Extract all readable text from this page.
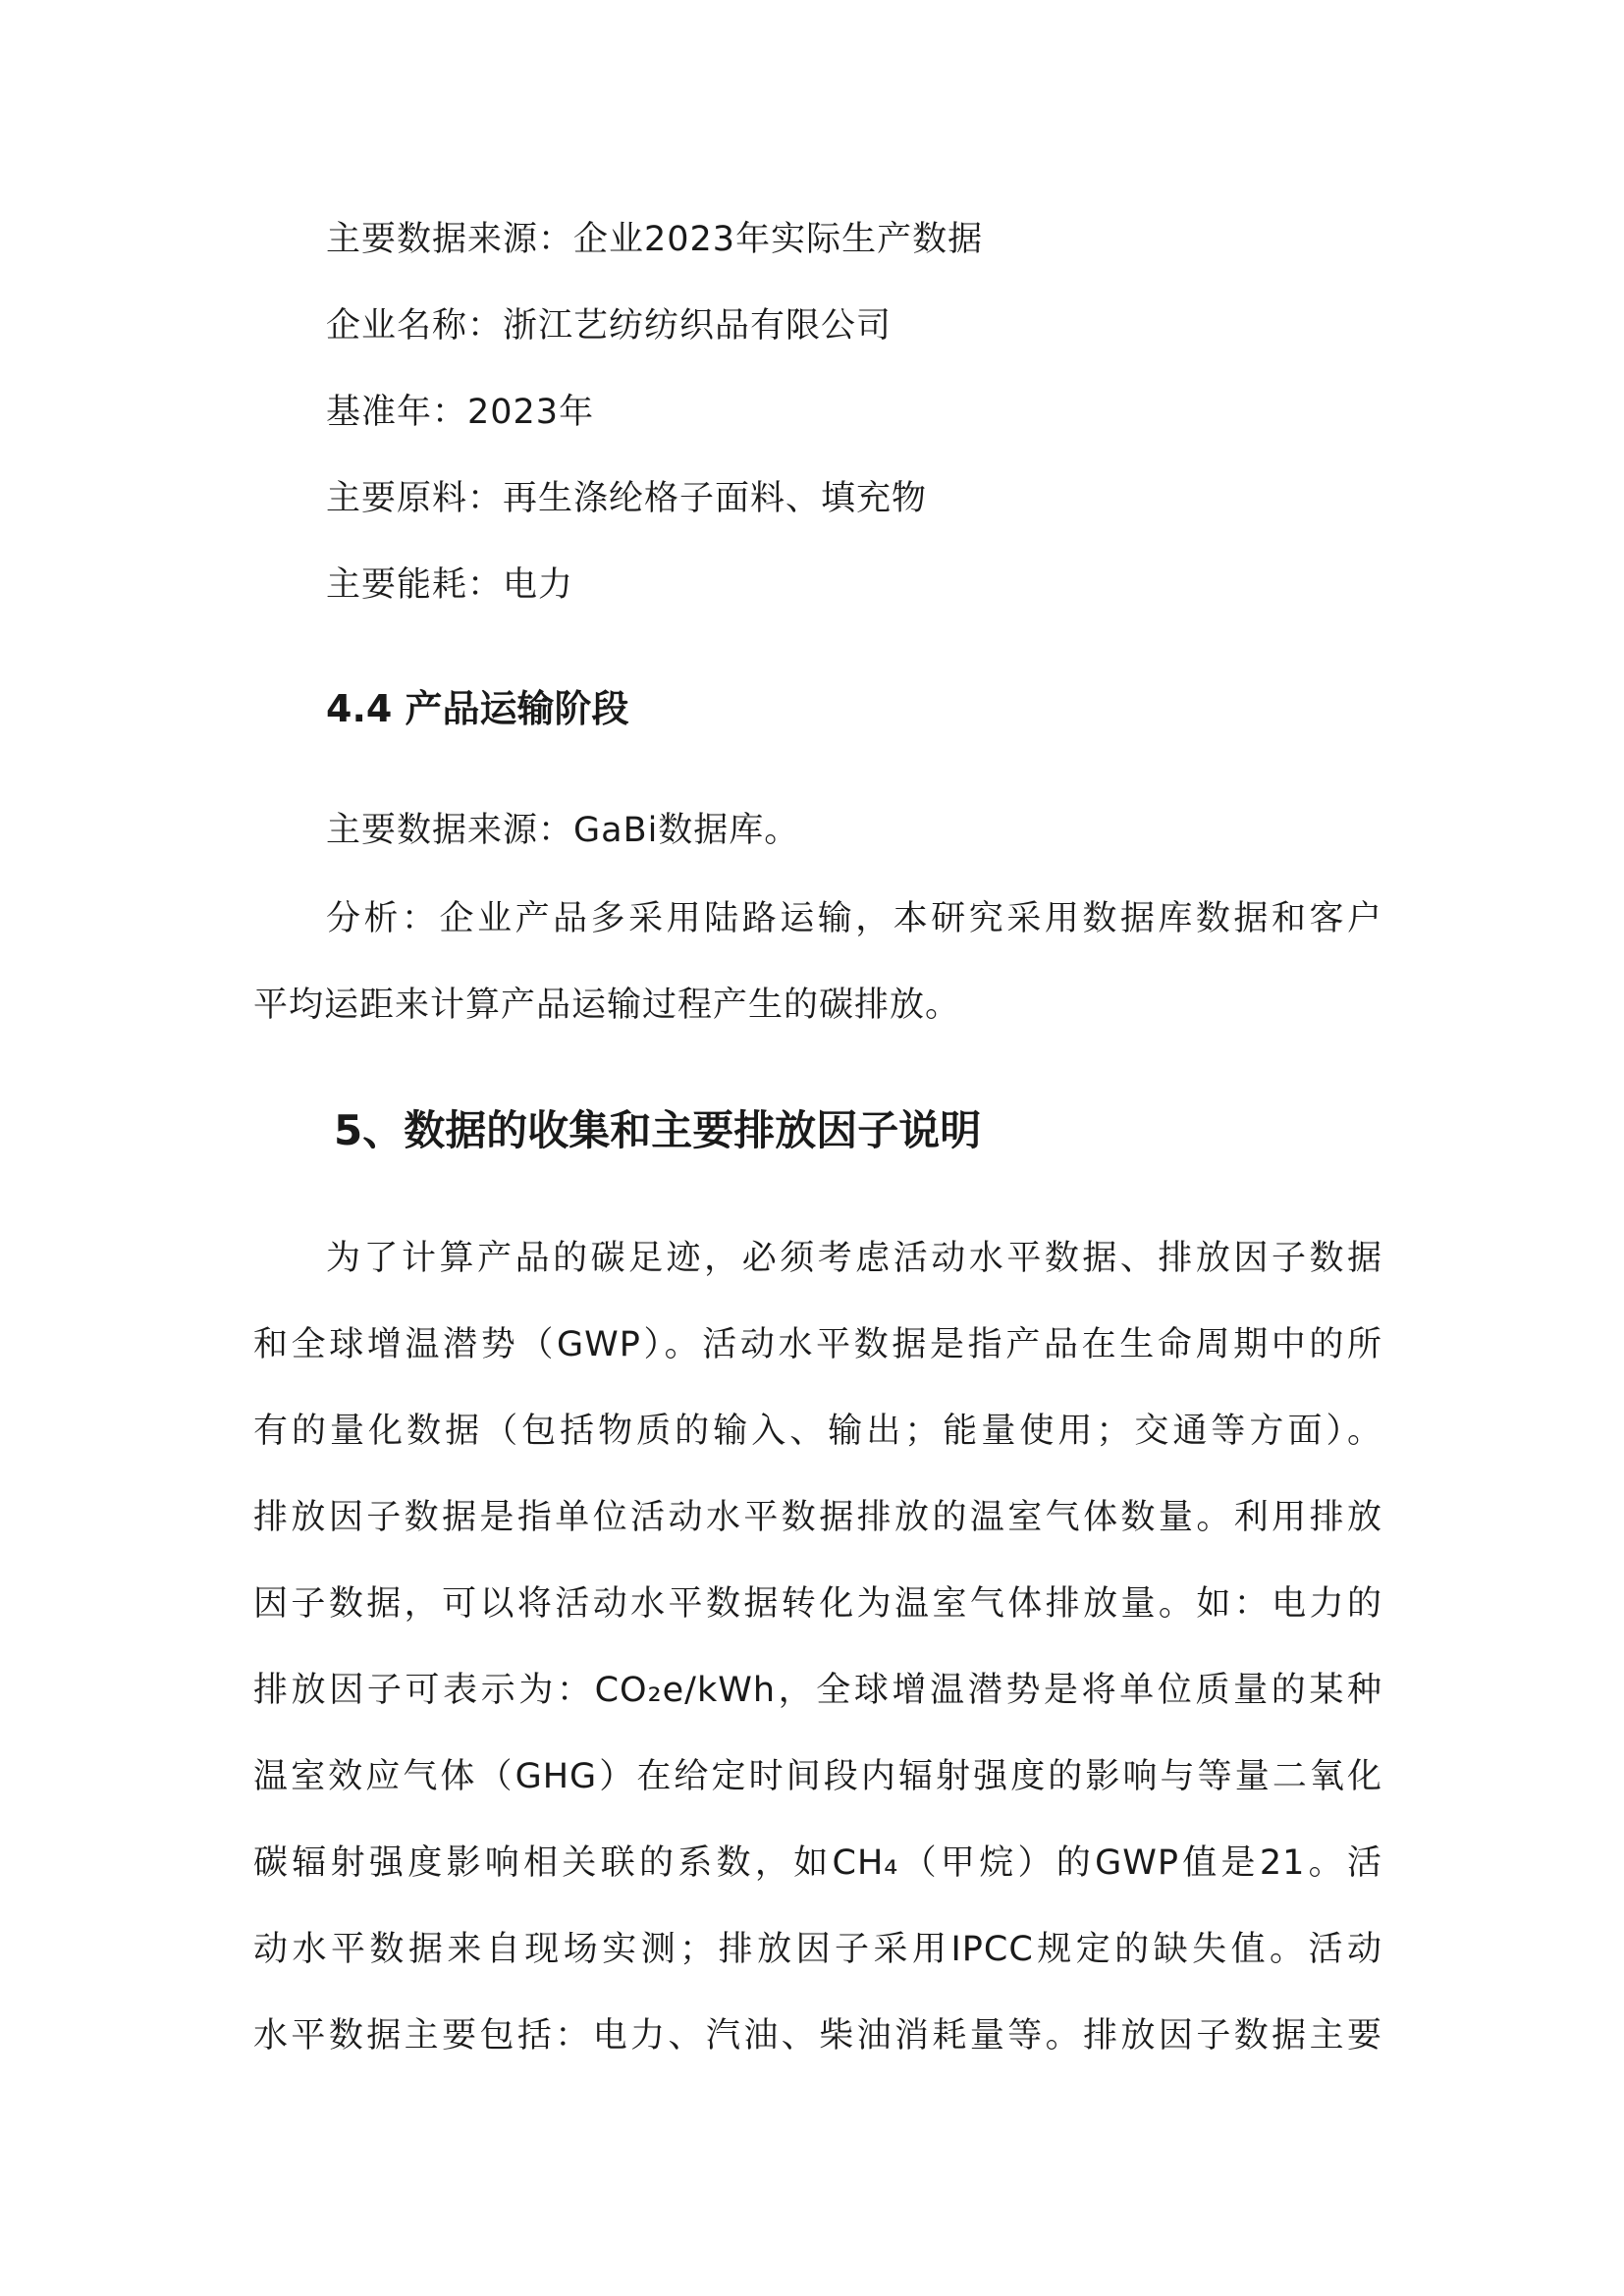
主要数据来源：企业2023年实际生产数据
企业名称：浙江艺纺纺织品有限公司
基准年：2023年
主要原料：再生涤纶格子面料、填充物
主要能耗：电力
4.4 产品运输阶段
主要数据来源：GaBi数据库。
分析：企业产品多采用陆路运输，本研究采用数据库数据和客户
平均运距来计算产品运输过程产生的碳排放。
5、数据的收集和主要排放因子说明
为了计算产品的碳足迹，必须考虑活动水平数据、排放因子数据
和全球增温潜势（GWP）。活动水平数据是指产品在生命周期中的所
有的量化数据（包括物质的输入、输出；能量使用；交通等方面）。
排放因子数据是指单位活动水平数据排放的温室气体数量。利用排放
因子数据，可以将活动水平数据转化为温室气体排放量。如：电力的
排放因子可表示为：CO₂e/kWh，全球增温潜势是将单位质量的某种
温室效应气体（GHG）在给定时间段内辐射强度的影响与等量二氧化
碳辐射强度影响相关联的系数，如CH₄（甲烷）的GWP值是21。活
动水平数据来自现场实测；排放因子采用IPCC规定的缺失值。活动
水平数据主要包括：电力、汽油、柴油消耗量等。排放因子数据主要
